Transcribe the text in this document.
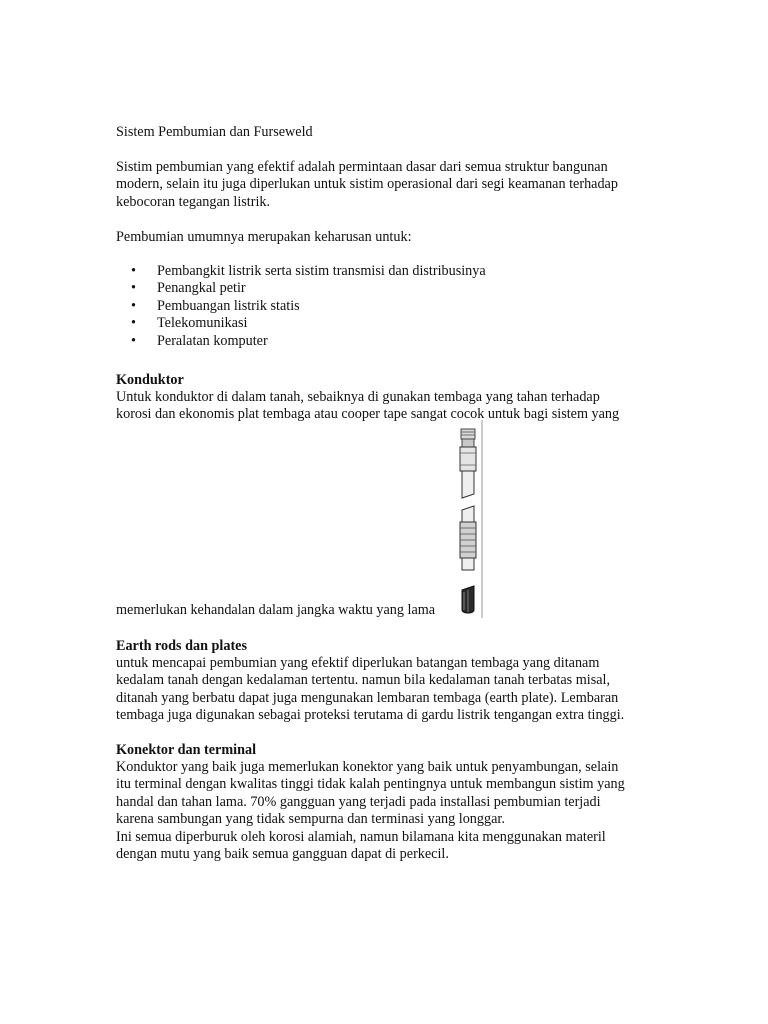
Sistem Pembumian dan Furseweld

Sistim pembumian yang efektif adalah permintaan dasar dari semua struktur bangunan

modern, selain itu juga diperlukan untuk sistim operasional dari segi keamanan terhadap

kebocoran tegangan listrik.

Pembumian umumnya merupakan keharusan untuk:

• Pembangkit listrik serta sistim transmisi dan distribusinya
• Penangkal petir
• Pembuangan listrik statis
• Telekomunikasi
• Peralatan komputer

Konduktor

Untuk konduktor di dalam tanah, sebaiknya di gunakan tembaga yang tahan terhadap

korosi dan ekonomis plat tembaga atau cooper tape sangat cocok untuk bagi sistem yang

memerlukan kehandalan dalam jangka waktu yang lama

Earth rods dan plates

untuk mencapai pembumian yang efektif diperlukan batangan tembaga yang ditanam

kedalam tanah dengan kedalaman tertentu. namun bila kedalaman tanah terbatas misal,

ditanah yang berbatu dapat juga mengunakan lembaran tembaga (earth plate). Lembaran

tembaga juga digunakan sebagai proteksi terutama di gardu listrik tengangan extra tinggi.

Konektor dan terminal

Konduktor yang baik juga memerlukan konektor yang baik untuk penyambungan, selain

itu terminal dengan kwalitas tinggi tidak kalah pentingnya untuk membangun sistim yang

handal dan tahan lama. 70% gangguan yang terjadi pada installasi pembumian terjadi

karena sambungan yang tidak sempurna dan terminasi yang longgar.

Ini semua diperburuk oleh korosi alamiah, namun bilamana kita menggunakan materil

dengan mutu yang baik semua gangguan dapat di perkecil.
